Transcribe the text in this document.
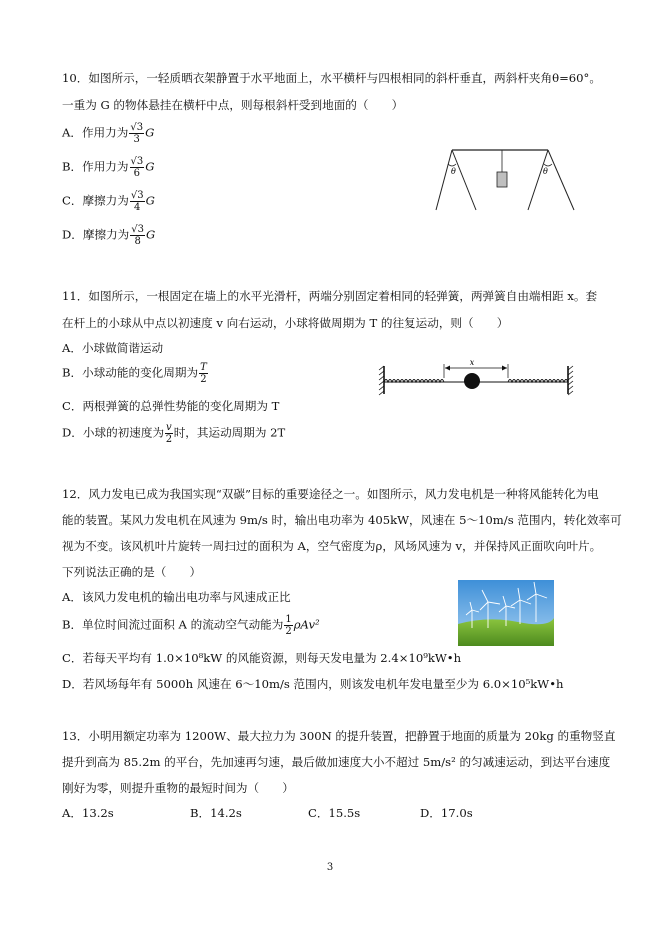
10．如图所示，一轻质晒衣架静置于水平地面上，水平横杆与四根相同的斜杆垂直，两斜杆夹角θ=60°。
一重为 G 的物体悬挂在横杆中点，则每根斜杆受到地面的（　　）
A．作用力为 $\frac{√3}{3}$ G
B．作用力为 $\frac{√3}{6}$ G
C．摩擦力为 $\frac{√3}{4}$ G
D．摩擦力为 $\frac{√3}{8}$ G
θ	θ
11．如图所示，一根固定在墙上的水平光滑杆，两端分别固定着相同的轻弹簧，两弹簧自由端相距 x。套
在杆上的小球从中点以初速度 v 向右运动，小球将做周期为 T 的往复运动，则（　　）
A．小球做简谐运动
B．小球动能的变化周期为 $\frac{T}{2}$
C．两根弹簧的总弹性势能的变化周期为 T
D．小球的初速度为 $\frac{v}{2}$ 时，其运动周期为 2T
x
12．风力发电已成为我国实现“双碳”目标的重要途径之一。如图所示，风力发电机是一种将风能转化为电
能的装置。某风力发电机在风速为 9m/s 时，输出电功率为 405kW，风速在 5～10m/s 范围内，转化效率可
视为不变。该风机叶片旋转一周扫过的面积为 A，空气密度为ρ，风场风速为 v，并保持风正面吹向叶片。
下列说法正确的是（　　）
A．该风力发电机的输出电功率与风速成正比
B．单位时间流过面积 A 的流动空气动能为 $\frac{1}{2} \rho Av^2$
C．若每天平均有 1.0×10⁸kW 的风能资源，则每天发电量为 2.4×10⁹kW•h
D．若风场每年有 5000h 风速在 6～10m/s 范围内，则该发电机年发电量至少为 6.0×10⁵kW•h
13．小明用额定功率为 1200W、最大拉力为 300N 的提升装置，把静置于地面的质量为 20kg 的重物竖直
提升到高为 85.2m 的平台，先加速再匀速，最后做加速度大小不超过 5m/s² 的匀减速运动，到达平台速度
刚好为零，则提升重物的最短时间为（　　）
A．13.2s	B．14.2s	C．15.5s	D．17.0s
3
